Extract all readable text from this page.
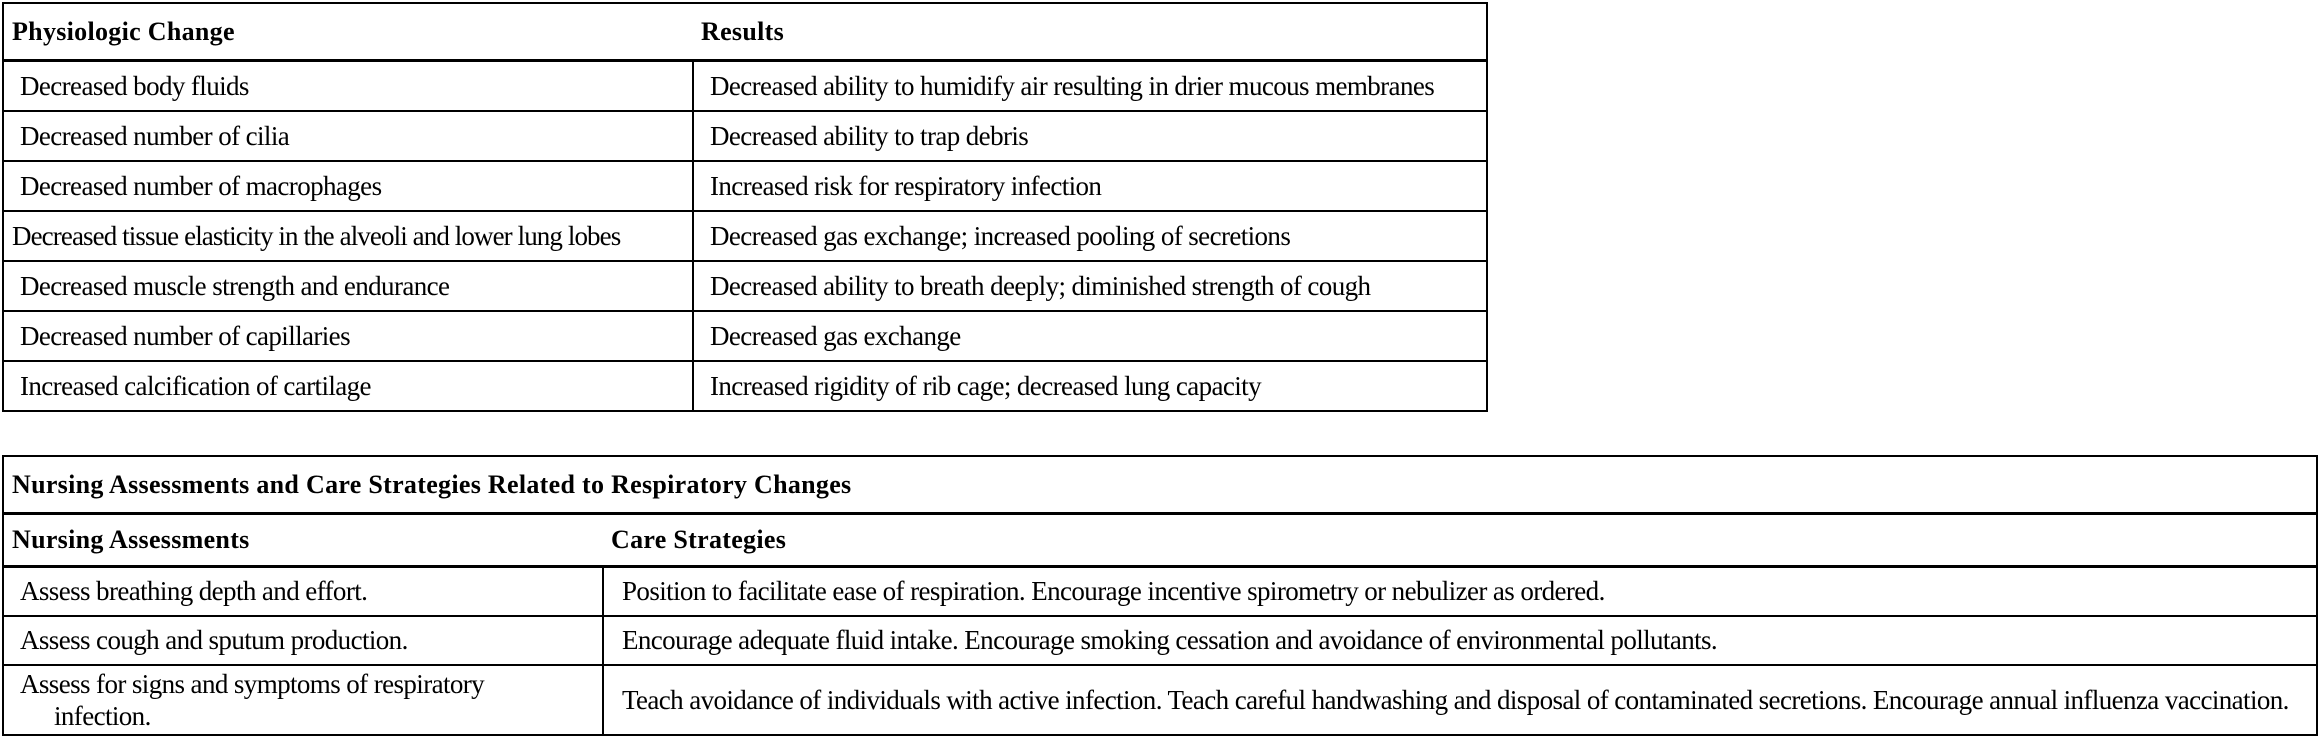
Physiologic Change	Results
Decreased body fluids	Decreased ability to humidify air resulting in drier mucous membranes
Decreased number of cilia	Decreased ability to trap debris
Decreased number of macrophages	Increased risk for respiratory infection
Decreased tissue elasticity in the alveoli and lower lung lobes	Decreased gas exchange; increased pooling of secretions
Decreased muscle strength and endurance	Decreased ability to breath deeply; diminished strength of cough
Decreased number of capillaries	Decreased gas exchange
Increased calcification of cartilage	Increased rigidity of rib cage; decreased lung capacity
Nursing Assessments and Care Strategies Related to Respiratory Changes	
Nursing Assessments	Care Strategies
Assess breathing depth and effort.	Position to facilitate ease of respiration. Encourage incentive spirometry or nebulizer as ordered.
Assess cough and sputum production.	Encourage adequate fluid intake. Encourage smoking cessation and avoidance of environmental pollutants.
Assess for signs and symptoms of respiratory infection.	Teach avoidance of individuals with active infection. Teach careful handwashing and disposal of contaminated secretions. Encourage annual influenza vaccination.
